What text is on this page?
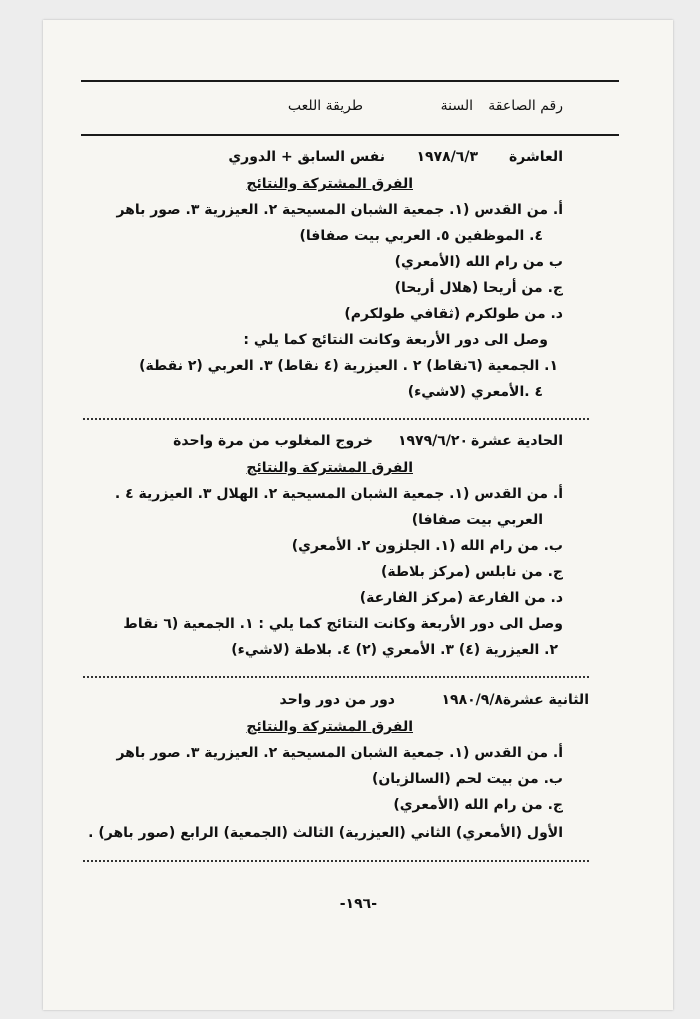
رقم الصاعقة
السنة
طريقة اللعب
العاشرة
١٩٧٨/٦/٣
نفس السابق + الدوري
الفرق المشتركة والنتائج
أ. من القدس (١. جمعية الشبان المسيحية ٢. العيزرية ٣. صور باهر
٤. الموظفين ٥. العربي بيت صفافا)
ب من رام الله (الأمعري)
ج. من أريحا (هلال أريحا)
د. من طولكرم (ثقافي طولكرم)
وصل الى دور الأربعة وكانت النتائج كما يلي :
١. الجمعية (٦نقاط) ٢ . العيزرية (٤ نقاط) ٣. العربي (٢ نقطة)
٤ .الأمعري (لاشيء)
الحادية عشرة
١٩٧٩/٦/٢٠
خروج المغلوب من مرة واحدة
الفرق المشتركة والنتائج
أ. من القدس (١. جمعية الشبان المسيحية ٢. الهلال ٣. العيزرية ٤ .
العربي بيت صفافا)
ب. من رام الله (١. الجلزون ٢. الأمعري)
ج. من نابلس (مركز بلاطة)
د. من الفارعة (مركز الفارعة)
وصل الى دور الأربعة وكانت النتائج كما يلي : ١. الجمعية (٦ نقاط
٢. العيزرية (٤) ٣. الأمعري (٢) ٤. بلاطة (لاشيء)
الثانية عشرة
١٩٨٠/٩/٨
دور من دور واحد
الفرق المشتركة والنتائج
أ. من القدس (١. جمعية الشبان المسيحية ٢. العيزرية ٣. صور باهر
ب. من بيت لحم (السالزيان)
ج. من رام الله (الأمعري)
الأول (الأمعري) الثاني (العيزرية) الثالث (الجمعية) الرابع (صور باهر) .
-١٩٦-
